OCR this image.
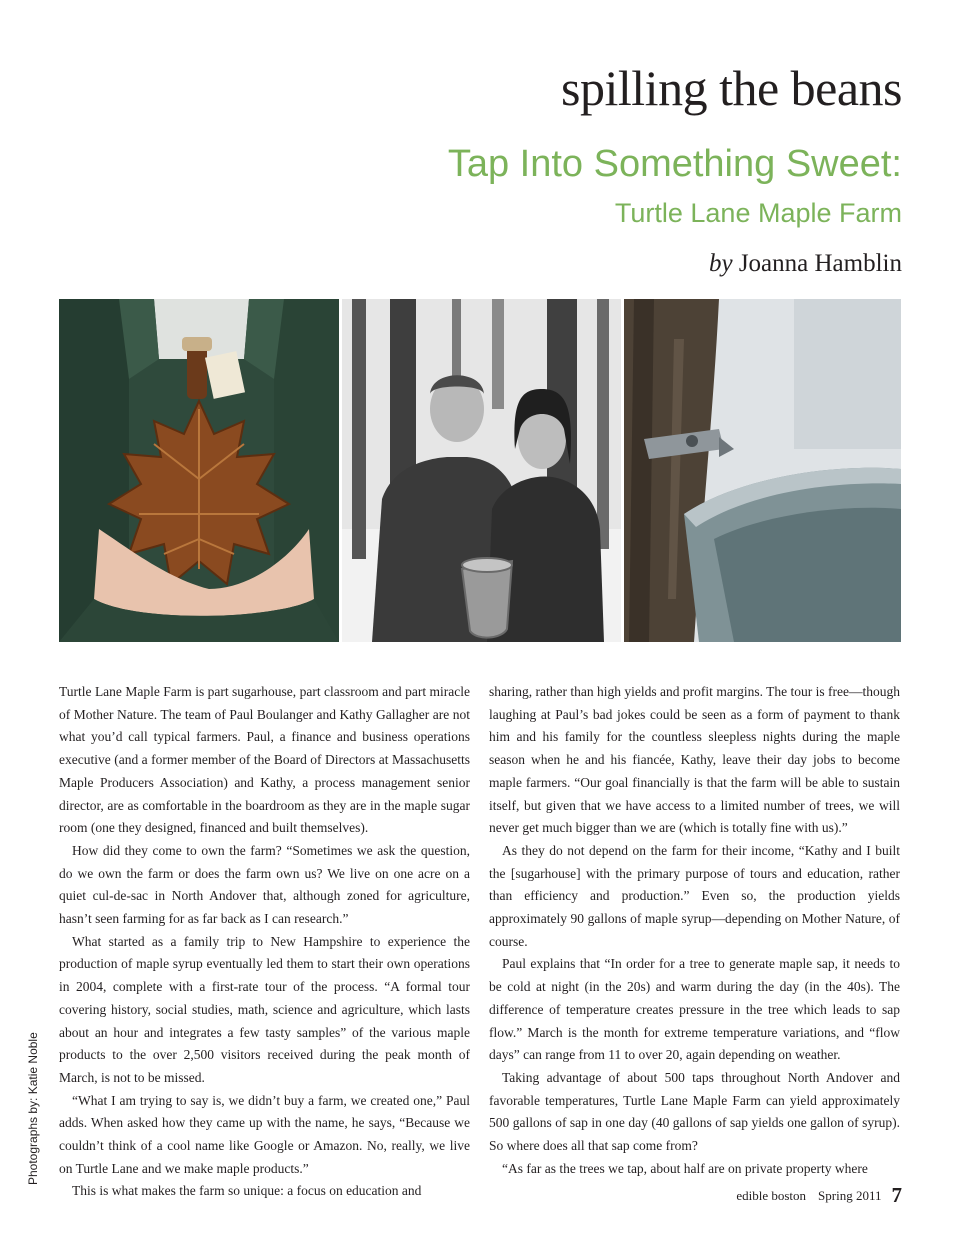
spilling the beans
Tap Into Something Sweet:
Turtle Lane Maple Farm
by Joanna Hamblin
Photographs by: Katie Noble

Turtle Lane Maple Farm is part sugarhouse, part classroom and part miracle of Mother Nature. The team of Paul Boulanger and Kathy Gallagher are not what you’d call typical farmers. Paul, a finance and business operations executive (and a former member of the Board of Directors at Massachusetts Maple Producers Association) and Kathy, a process management senior director, are as comfortable in the boardroom as they are in the maple sugar room (one they designed, financed and built themselves).

How did they come to own the farm? “Sometimes we ask the question, do we own the farm or does the farm own us? We live on one acre on a quiet cul-de-sac in North Andover that, although zoned for agriculture, hasn’t seen farming for as far back as I can research.”

What started as a family trip to New Hampshire to experience the production of maple syrup eventually led them to start their own operations in 2004, complete with a first-rate tour of the process. “A formal tour covering history, social studies, math, science and agriculture, which lasts about an hour and integrates a few tasty samples” of the various maple products to the over 2,500 visitors received during the peak month of March, is not to be missed.

“What I am trying to say is, we didn’t buy a farm, we created one,” Paul adds. When asked how they came up with the name, he says, “Because we couldn’t think of a cool name like Google or Amazon. No, really, we live on Turtle Lane and we make maple products.”

This is what makes the farm so unique: a focus on education and

sharing, rather than high yields and profit margins. The tour is free—though laughing at Paul’s bad jokes could be seen as a form of payment to thank him and his family for the countless sleepless nights during the maple season when he and his fiancée, Kathy, leave their day jobs to become maple farmers. “Our goal financially is that the farm will be able to sustain itself, but given that we have access to a limited number of trees, we will never get much bigger than we are (which is totally fine with us).”

As they do not depend on the farm for their income, “Kathy and I built the [sugarhouse] with the primary purpose of tours and education, rather than efficiency and production.” Even so, the production yields approximately 90 gallons of maple syrup—depending on Mother Nature, of course.

Paul explains that “In order for a tree to generate maple sap, it needs to be cold at night (in the 20s) and warm during the day (in the 40s). The difference of temperature creates pressure in the tree which leads to sap flow.” March is the month for extreme temperature variations, and “flow days” can range from 11 to over 20, again depending on weather.

Taking advantage of about 500 taps throughout North Andover and favorable temperatures, Turtle Lane Maple Farm can yield approximately 500 gallons of sap in one day (40 gallons of sap yields one gallon of syrup). So where does all that sap come from?

“As far as the trees we tap, about half are on private property where

edible boston Spring 2011 7
